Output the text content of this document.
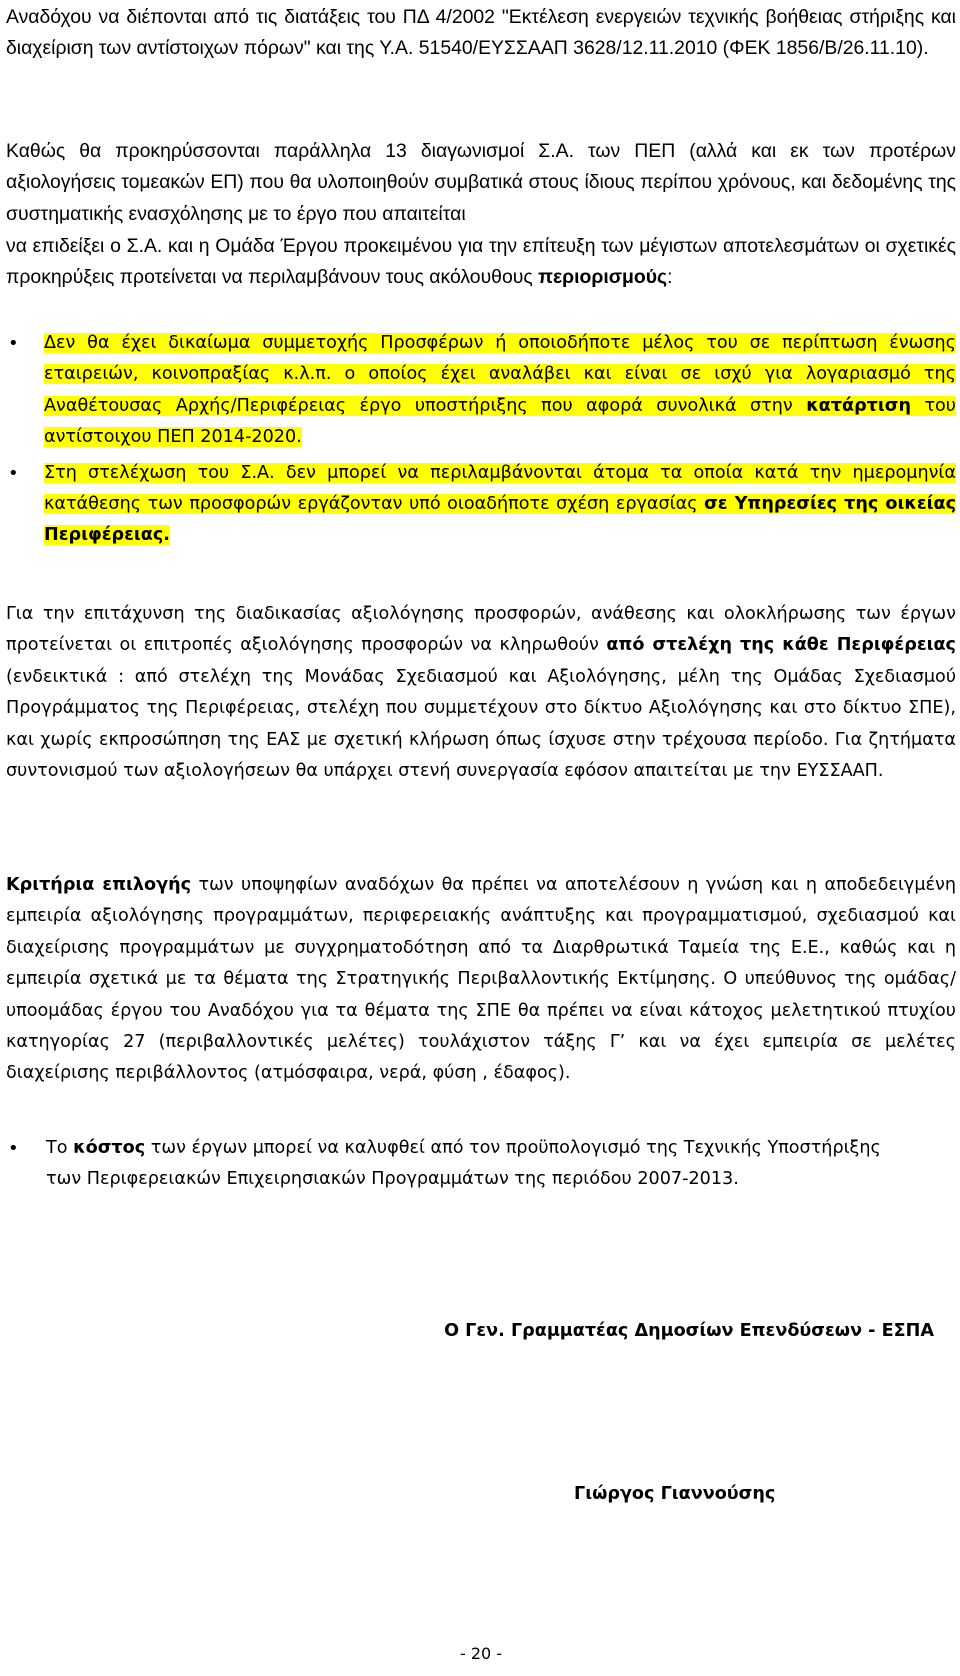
Αναδόχου να διέπονται από τις διατάξεις του ΠΔ 4/2002 "Εκτέλεση ενεργειών τεχνικής βοήθειας στήριξης και διαχείριση των αντίστοιχων πόρων" και της Υ.Α. 51540/ΕΥΣΣΑΑΠ 3628/12.11.2010 (ΦΕΚ 1856/Β/26.11.10).

Καθώς θα προκηρύσσονται παράλληλα 13 διαγωνισμοί Σ.Α. των ΠΕΠ (αλλά και εκ των προτέρων αξιολογήσεις τομεακών ΕΠ) που θα υλοποιηθούν συμβατικά στους ίδιους περίπου χρόνους, και δεδομένης της συστηματικής ενασχόλησης με το έργο που απαιτείται

να επιδείξει ο Σ.Α. και η Ομάδα Έργου προκειμένου για την επίτευξη των μέγιστων αποτελεσμάτων οι σχετικές προκηρύξεις προτείνεται να περιλαμβάνουν τους ακόλουθους περιορισμούς:

• Δεν θα έχει δικαίωμα συμμετοχής Προσφέρων ή οποιοδήποτε μέλος του σε περίπτωση ένωσης εταιρειών, κοινοπραξίας κ.λ.π. ο οποίος έχει αναλάβει και είναι σε ισχύ για λογαριασμό της Αναθέτουσας Αρχής/Περιφέρειας έργο υποστήριξης που αφορά συνολικά στην κατάρτιση του αντίστοιχου ΠΕΠ 2014-2020.
• Στη στελέχωση του Σ.Α. δεν μπορεί να περιλαμβάνονται άτομα τα οποία κατά την ημερομηνία κατάθεσης των προσφορών εργάζονταν υπό οιοαδήποτε σχέση εργασίας σε Υπηρεσίες της οικείας Περιφέρειας.

Για την επιτάχυνση της διαδικασίας αξιολόγησης προσφορών, ανάθεσης και ολοκλήρωσης των έργων προτείνεται οι επιτροπές αξιολόγησης προσφορών να κληρωθούν από στελέχη της κάθε Περιφέρειας (ενδεικτικά : από στελέχη της Μονάδας Σχεδιασμού και Αξιολόγησης, μέλη της Ομάδας Σχεδιασμού Προγράμματος της Περιφέρειας, στελέχη που συμμετέχουν στο δίκτυο Αξιολόγησης και στο δίκτυο ΣΠΕ), και χωρίς εκπροσώπηση της ΕΑΣ με σχετική κλήρωση όπως ίσχυσε στην τρέχουσα περίοδο. Για ζητήματα συντονισμού των αξιολογήσεων θα υπάρχει στενή συνεργασία εφόσον απαιτείται με την ΕΥΣΣΑΑΠ.

Κριτήρια επιλογής των υποψηφίων αναδόχων θα πρέπει να αποτελέσουν η γνώση και η αποδεδειγμένη εμπειρία αξιολόγησης προγραμμάτων, περιφερειακής ανάπτυξης και προγραμματισμού, σχεδιασμού και διαχείρισης προγραμμάτων με συγχρηματοδότηση από τα Διαρθρωτικά Ταμεία της Ε.Ε., καθώς και η εμπειρία σχετικά με τα θέματα της Στρατηγικής Περιβαλλοντικής Εκτίμησης. Ο υπεύθυνος της ομάδας/υποομάδας έργου του Αναδόχου για τα θέματα της ΣΠΕ θα πρέπει να είναι κάτοχος μελετητικού πτυχίου κατηγορίας 27 (περιβαλλοντικές μελέτες) τουλάχιστον τάξης Γ’ και να έχει εμπειρία σε μελέτες διαχείρισης περιβάλλοντος (ατμόσφαιρα, νερά, φύση , έδαφος).

• Το κόστος των έργων μπορεί να καλυφθεί από τον προϋπολογισμό της Τεχνικής Υποστήριξης των Περιφερειακών Επιχειρησιακών Προγραμμάτων της περιόδου 2007-2013.
Ο Γεν. Γραμματέας Δημοσίων Επενδύσεων - ΕΣΠΑ
Γιώργος Γιαννούσης
- 20 -
